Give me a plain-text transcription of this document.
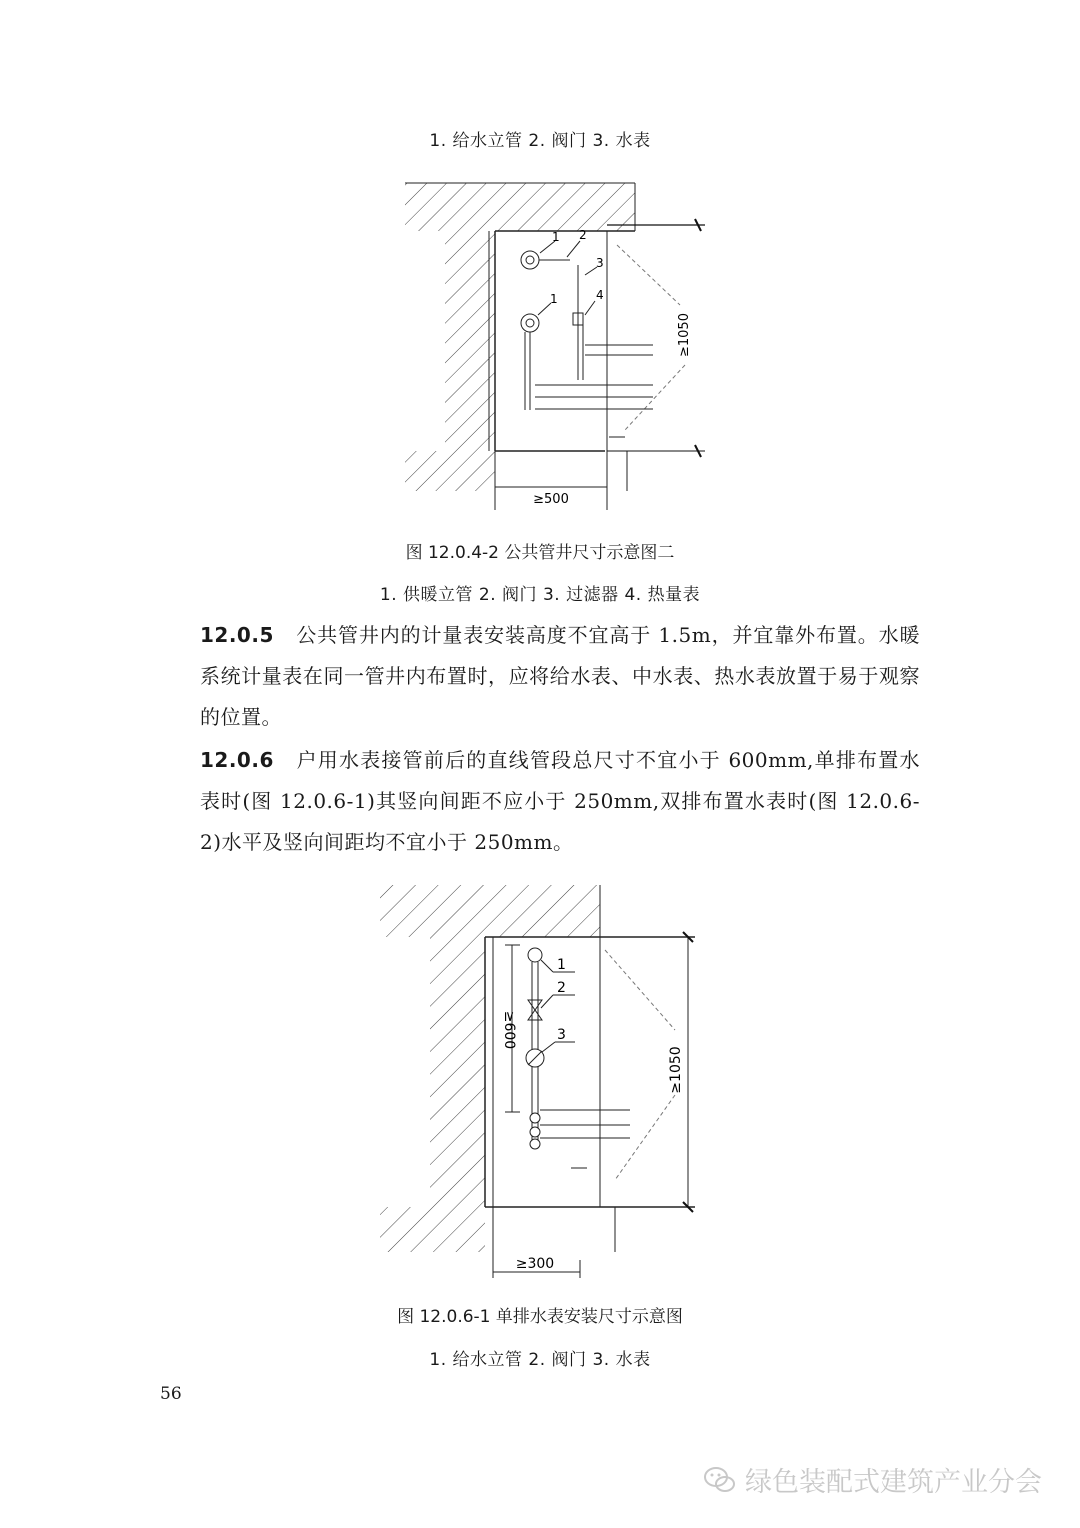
1. 给水立管 2. 阀门 3. 水表
≥1050
1 2
3
4
1
≥500
图 12.0.4-2 公共管井尺寸示意图二
1. 供暖立管 2. 阀门 3. 过滤器 4. 热量表
12.0.5 公共管井内的计量表安装高度不宜高于 1.5m，并宜靠外布置。水暖系统计量表在同一管井内布置时，应将给水表、中水表、热水表放置于易于观察的位置。
12.0.6 户用水表接管前后的直线管段总尺寸不宜小于 600mm,单排布置水表时(图 12.0.6-1)其竖向间距不应小于 250mm,双排布置水表时(图 12.0.6-2)水平及竖向间距均不宜小于 250mm。
≥1050
≥600
1
2
3
≥300
图 12.0.6-1 单排水表安装尺寸示意图
1. 给水立管 2. 阀门 3. 水表
56
绿色装配式建筑产业分会
